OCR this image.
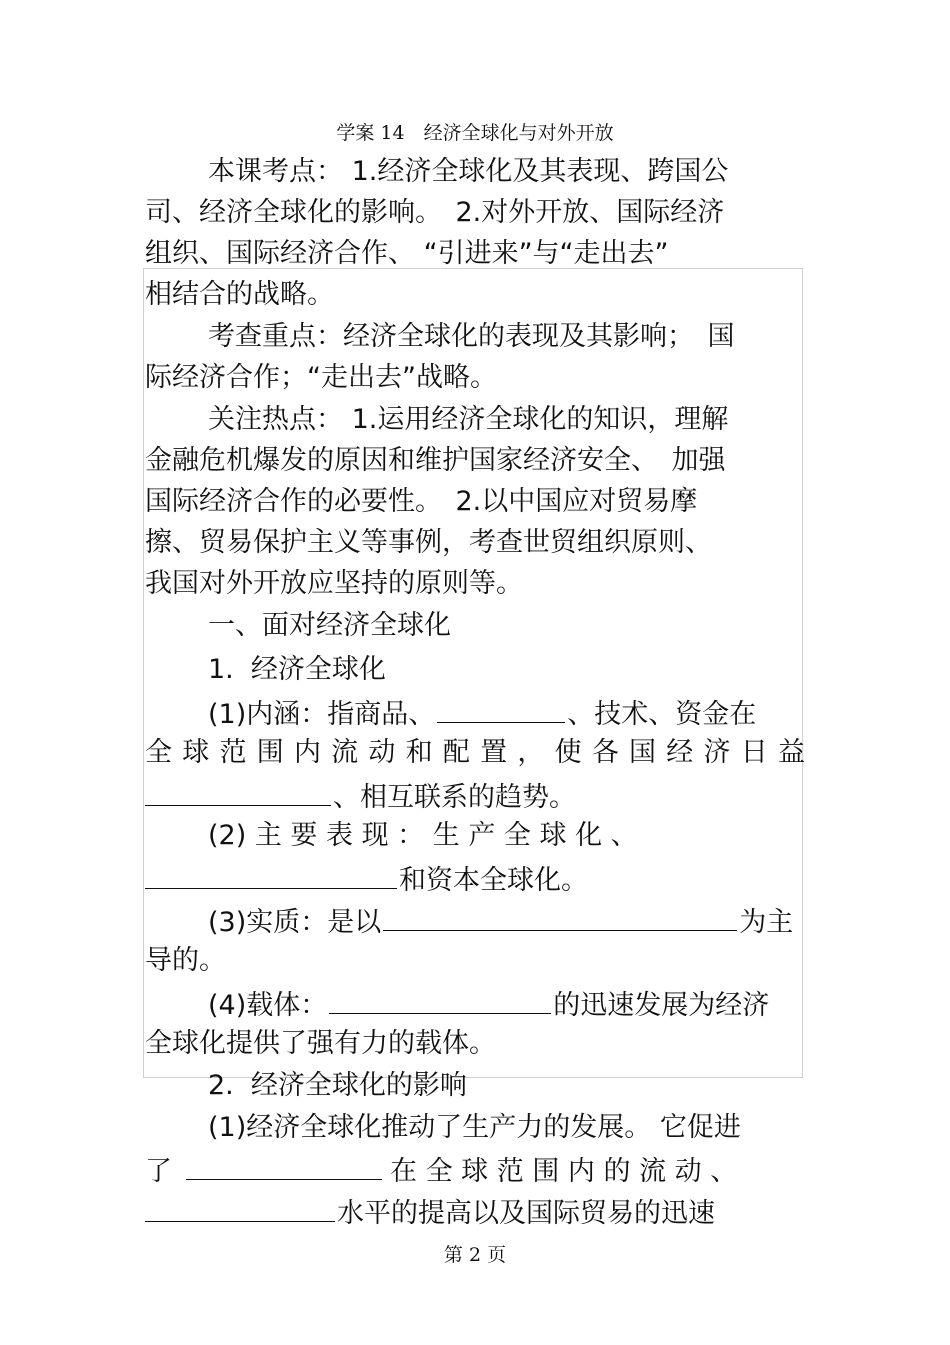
学案 14　经济全球化与对外开放
本课考点： 1.经济全球化及其表现、跨国公
司、经济全球化的影响。　2.对外开放、国际经济
组织、国际经济合作、 “引进来”与“走出去”
相结合的战略。
考查重点：经济全球化的表现及其影响；　国
际经济合作；“走出去”战略。
关注热点： 1.运用经济全球化的知识，理解
金融危机爆发的原因和维护国家经济安全、　加强
国际经济合作的必要性。　2.以中国应对贸易摩
擦、贸易保护主义等事例，考查世贸组织原则、
我国对外开放应坚持的原则等。
一、面对经济全球化
1.  经济全球化
(1)内涵：指商品、	、技术、资金在
全球范围内流动和配置，使各国经济日益
、相互联系的趋势。
(2) 主 要 表 现 ： 生 产 全 球 化 、
和资本全球化。
(3)实质：是以	为主
导的。
(4)载体：	的迅速发展为经济
全球化提供了强有力的载体。
2.  经济全球化的影响
(1)经济全球化推动了生产力的发展。 它促进
了	在 全 球 范 围 内 的 流 动 、
水平的提高以及国际贸易的迅速
第 2 页
